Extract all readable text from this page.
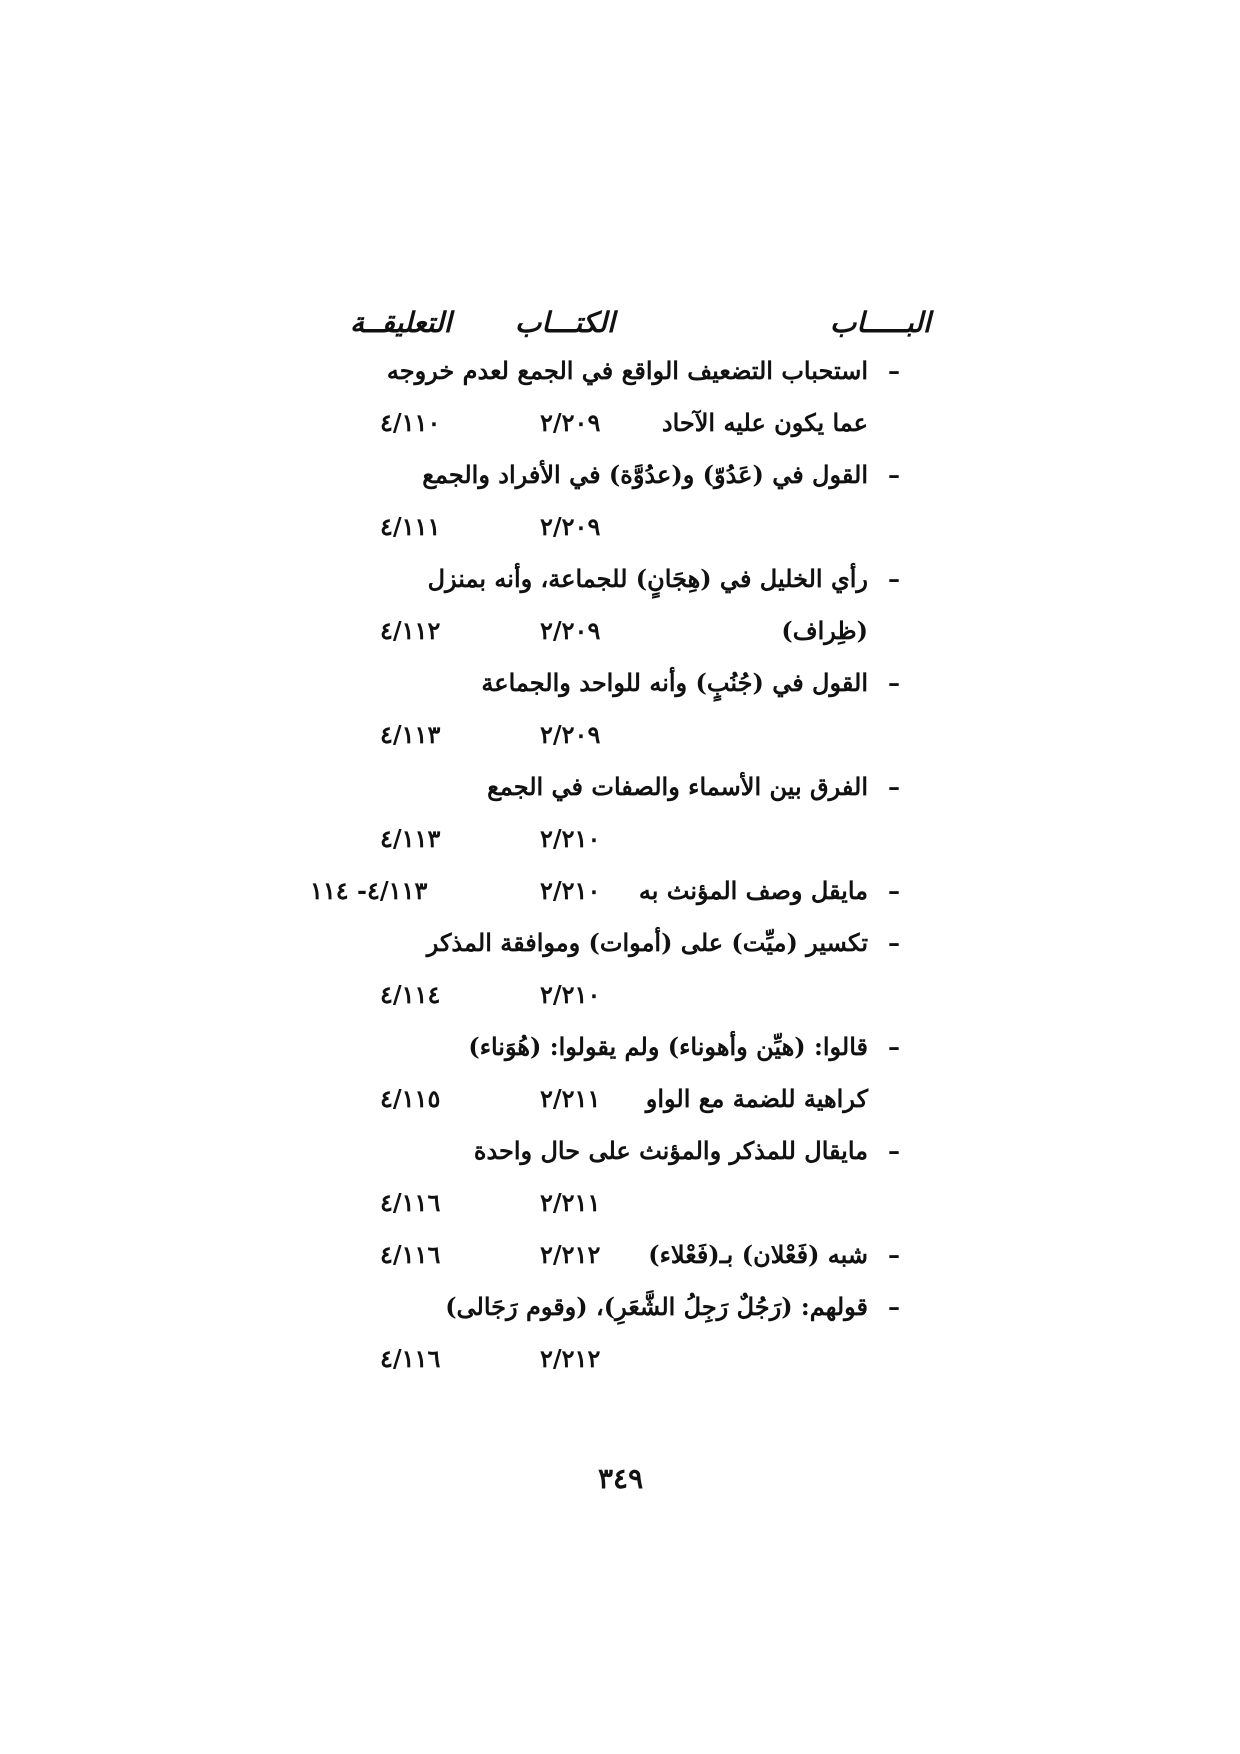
البـــــاب
الكتـــاب
التعليقــة
–
استحباب التضعيف الواقع في الجمع لعدم خروجه
عما يكون عليه الآحاد
٢/٢٠٩
٤/١١٠
–
القول في (عَدُوّ) و(عدُوَّة) في الأفراد والجمع
٢/٢٠٩
٤/١١١
–
رأي الخليل في (هِجَانٍ) للجماعة، وأنه بمنزل
(ظِراف)
٢/٢٠٩
٤/١١٢
–
القول في (جُنُبٍ) وأنه للواحد والجماعة
٢/٢٠٩
٤/١١٣
–
الفرق بين الأسماء والصفات في الجمع
٢/٢١٠
٤/١١٣
–
مايقل وصف المؤنث به
٢/٢١٠
٤/١١٣- ١١٤
–
تكسير (ميِّت) على (أموات) وموافقة المذكر
٢/٢١٠
٤/١١٤
–
قالوا: (هيِّن وأهوناء) ولم يقولوا: (هُوَناء)
كراهية للضمة مع الواو
٢/٢١١
٤/١١٥
–
مايقال للمذكر والمؤنث على حال واحدة
٢/٢١١
٤/١١٦
–
شبه (فَعْلان) بـ(فَعْلاء)
٢/٢١٢
٤/١١٦
–
قولهم: (رَجُلٌ رَجِلُ الشَّعَرِ)، (وقوم رَجَالى)
٢/٢١٢
٤/١١٦
٣٤٩
